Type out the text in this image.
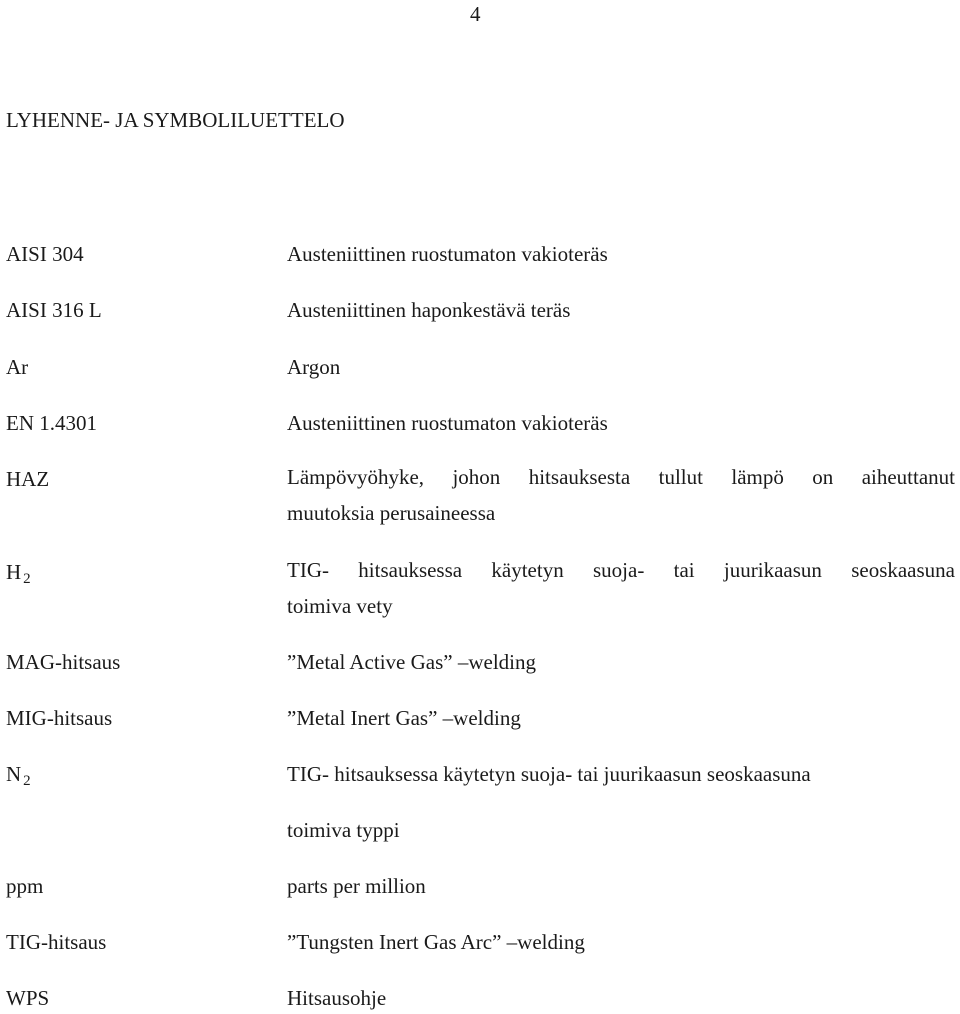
4
LYHENNE- JA SYMBOLILUETTELO
AISI 304	Austeniittinen ruostumaton vakioteräs
AISI 316 L	Austeniittinen haponkestävä teräs
Ar	Argon
EN 1.4301	Austeniittinen ruostumaton vakioteräs
HAZ	Lämpövyöhyke, johon hitsauksesta tullut lämpö on aiheuttanut
muutoksia perusaineessa
H $_2$	TIG- hitsauksessa käytetyn suoja- tai juurikaasun seoskaasuna
toimiva vety
MAG-hitsaus	”Metal Active Gas” –welding
MIG-hitsaus	”Metal Inert Gas” –welding
N $_2$	TIG- hitsauksessa käytetyn suoja- tai juurikaasun seoskaasuna
toimiva typpi
ppm	parts per million
TIG-hitsaus	”Tungsten Inert Gas Arc” –welding
WPS	Hitsausohje
